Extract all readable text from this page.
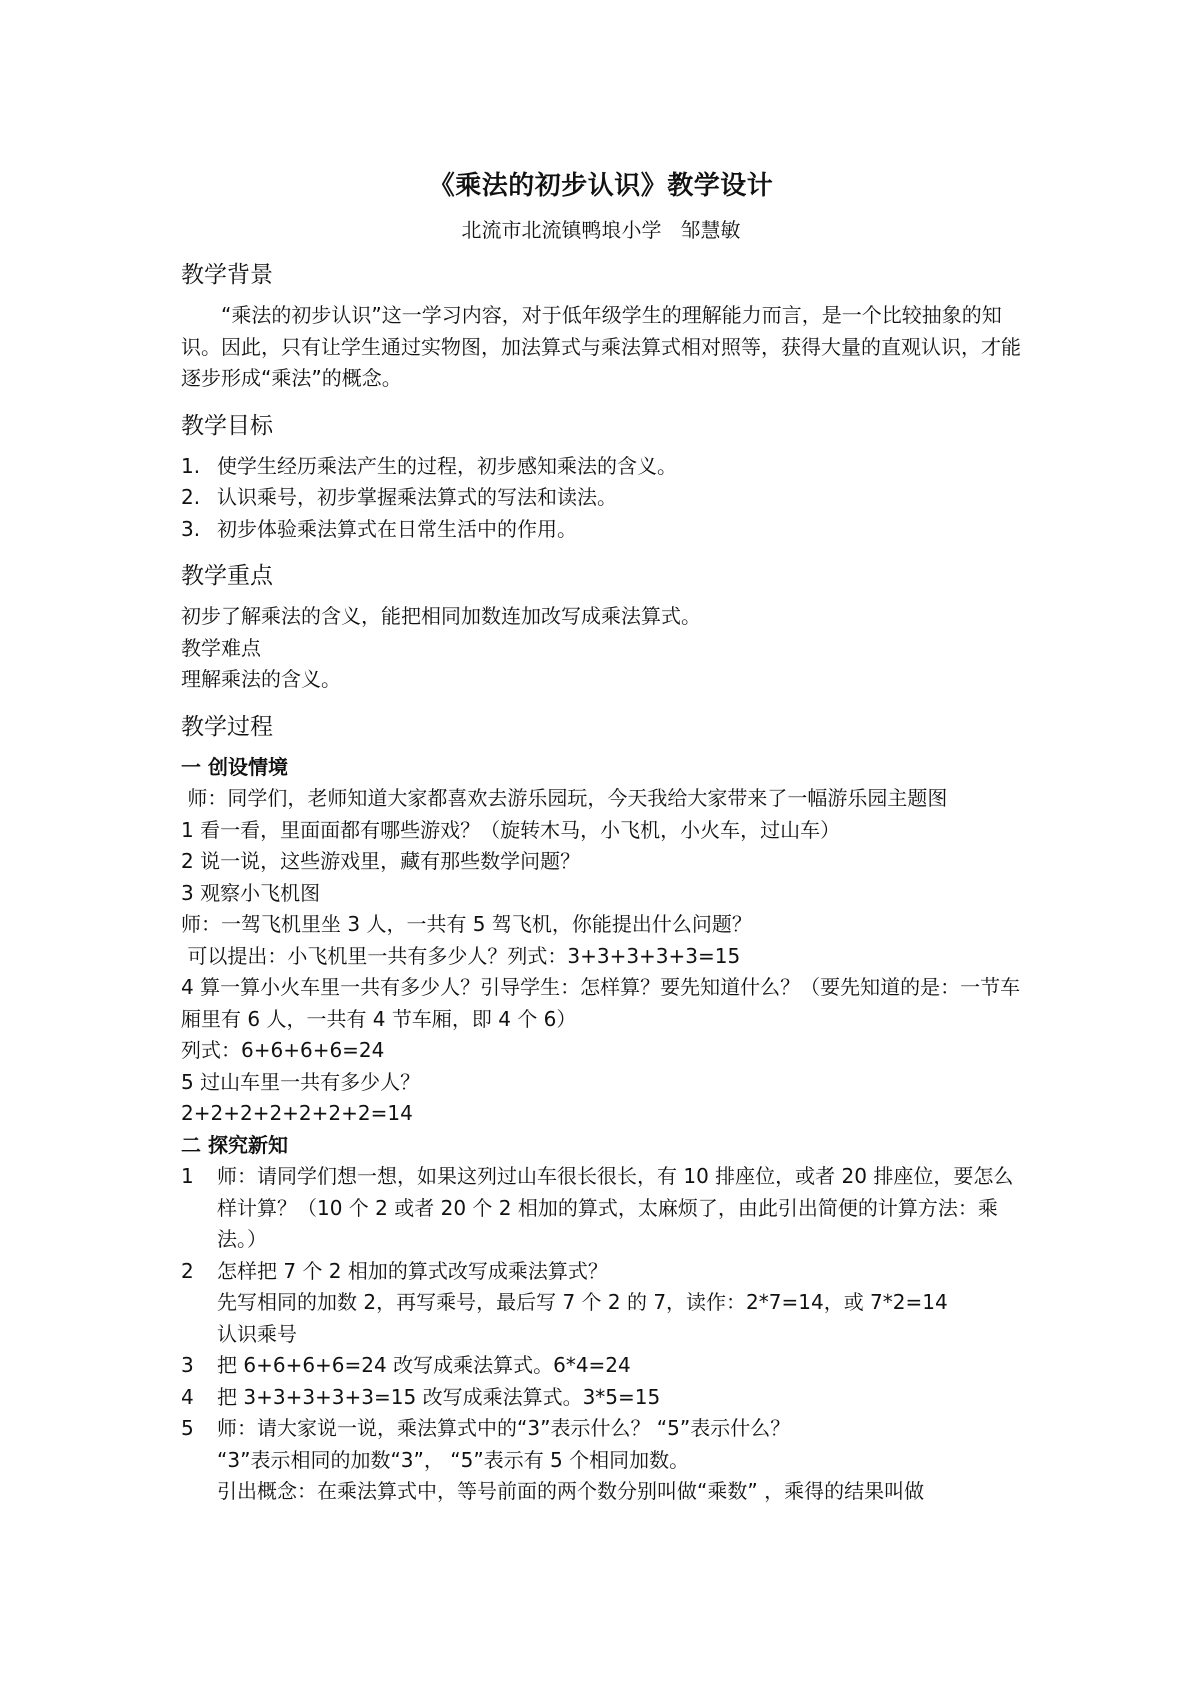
《乘法的初步认识》教学设计

北流市北流镇鸭埌小学   邹慧敏

教学背景

“乘法的初步认识”这一学习内容，对于低年级学生的理解能力而言，是一个比较抽象的知识。因此，只有让学生通过实物图，加法算式与乘法算式相对照等，获得大量的直观认识，才能逐步形成“乘法”的概念。

教学目标
1. 使学生经历乘法产生的过程，初步感知乘法的含义。
2. 认识乘号，初步掌握乘法算式的写法和读法。
3. 初步体验乘法算式在日常生活中的作用。
教学重点

初步了解乘法的含义，能把相同加数连加改写成乘法算式。

教学难点

理解乘法的含义。

教学过程

一 创设情境

师：同学们，老师知道大家都喜欢去游乐园玩，今天我给大家带来了一幅游乐园主题图

1 看一看，里面面都有哪些游戏？（旋转木马，小飞机，小火车，过山车）

2 说一说，这些游戏里，藏有那些数学问题？

3 观察小飞机图

师：一驾飞机里坐 3 人，一共有 5 驾飞机，你能提出什么问题？

可以提出：小飞机里一共有多少人？列式：3+3+3+3+3=15

4 算一算小火车里一共有多少人？引导学生：怎样算？要先知道什么？（要先知道的是：一节车厢里有 6 人，一共有 4 节车厢，即 4 个 6）

列式：6+6+6+6=24

5 过山车里一共有多少人？

2+2+2+2+2+2+2=14

二 探究新知

1	师：请同学们想一想，如果这列过山车很长很长，有 10 排座位，或者 20 排座位，要怎么样计算？（10 个 2 或者 20 个 2 相加的算式，太麻烦了，由此引出简便的计算方法：乘法。）
2	怎样把 7 个 2 相加的算式改写成乘法算式？
先写相同的加数 2，再写乘号，最后写 7 个 2 的 7，读作：2*7=14，或 7*2=14
认识乘号
3	把 6+6+6+6=24 改写成乘法算式。6*4=24
4	把 3+3+3+3+3=15 改写成乘法算式。3*5=15
5	师：请大家说一说，乘法算式中的“3”表示什么？ “5”表示什么？
“3”表示相同的加数“3”， “5”表示有 5 个相同加数。
引出概念：在乘法算式中，等号前面的两个数分别叫做“乘数” ，乘得的结果叫做
